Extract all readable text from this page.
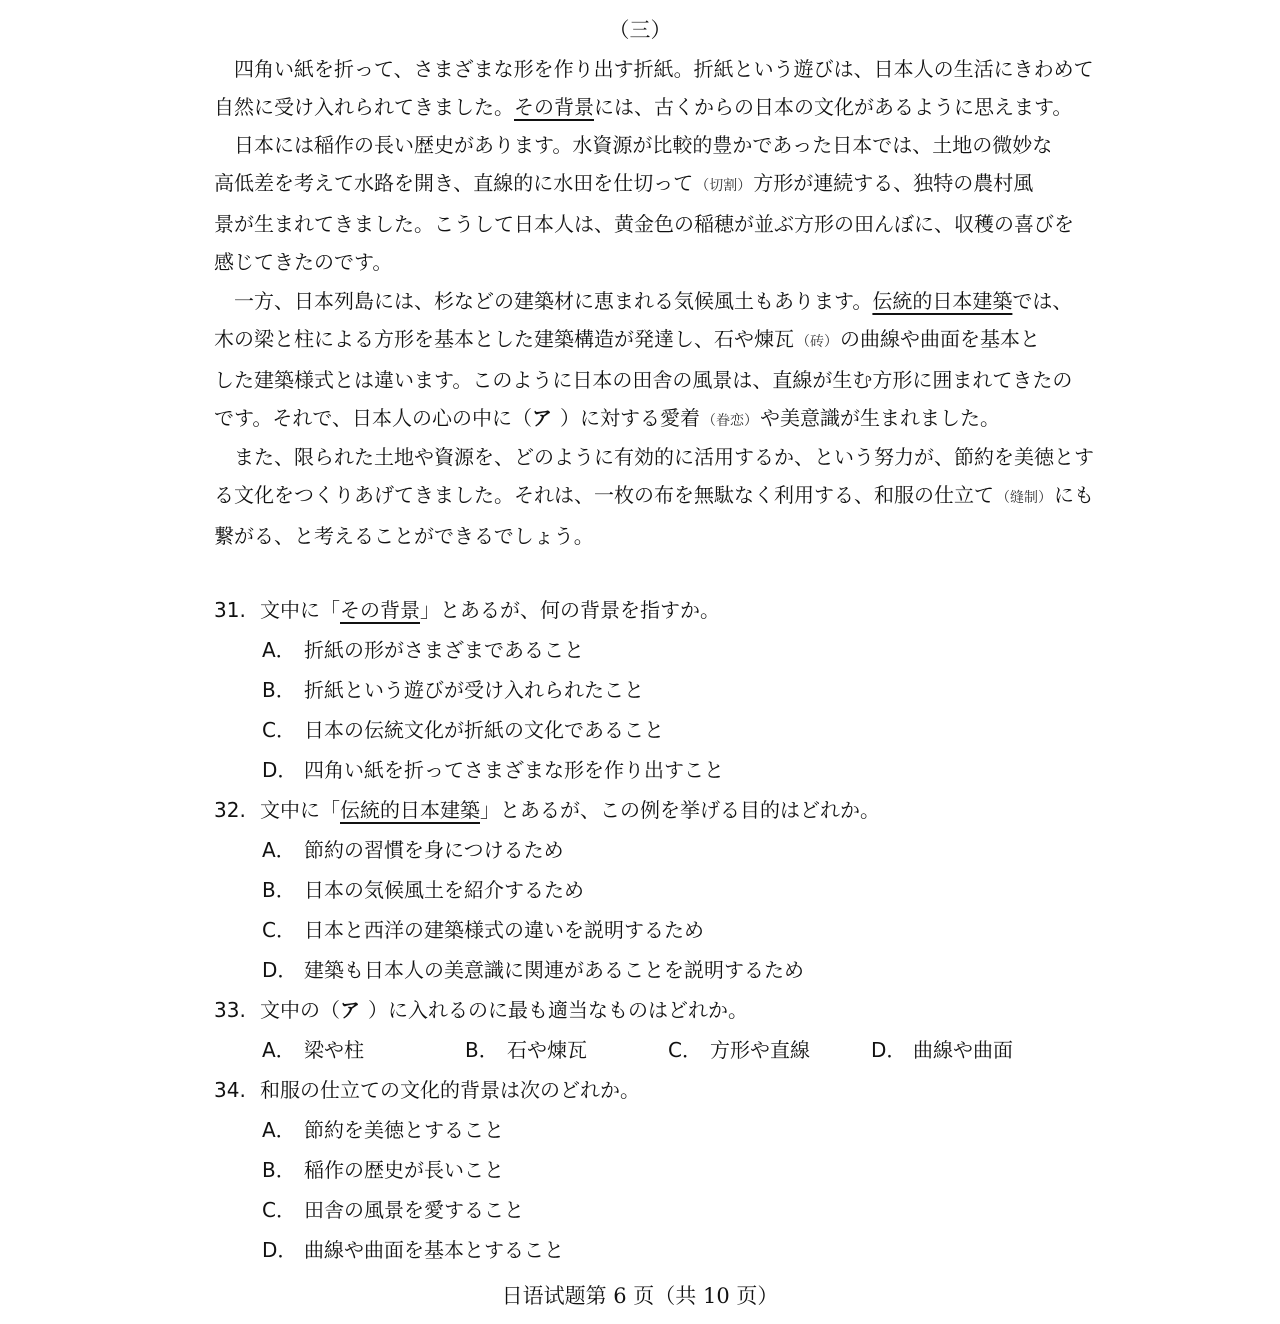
（三）
　四角い紙を折って、さまざまな形を作り出す折紙。折紙という遊びは、日本人の生活にきわめて
自然に受け入れられてきました。その背景には、古くからの日本の文化があるように思えます。
　日本には稲作の長い歴史があります。水資源が比較的豊かであった日本では、土地の微妙な
高低差を考えて水路を開き、直線的に水田を仕切って （切割） 方形が連続する、独特の農村風
景が生まれてきました。こうして日本人は、黄金色の稲穂が並ぶ方形の田んぼに、収穫の喜びを
感じてきたのです。
　一方、日本列島には、杉などの建築材に恵まれる気候風土もあります。伝統的日本建築では、
木の梁と柱による方形を基本とした建築構造が発達し、石や煉瓦 （砖） の曲線や曲面を基本と
した建築様式とは違います。このように日本の田舎の風景は、直線が生む方形に囲まれてきたの
です。それで、日本人の心の中に（ア）に対する愛着 （眷恋） や美意識が生まれました。
　また、限られた土地や資源を、どのように有効的に活用するか、という努力が、節約を美徳とす
る文化をつくりあげてきました。それは、一枚の布を無駄なく利用する、和服の仕立て （缝制） にも
繋がる、と考えることができるでしょう。
31. 文中に「その背景」とあるが、何の背景を指すか。
A． 折紙の形がさまざまであること
B． 折紙という遊びが受け入れられたこと
C． 日本の伝統文化が折紙の文化であること
D． 四角い紙を折ってさまざまな形を作り出すこと
32. 文中に「伝統的日本建築」とあるが、この例を挙げる目的はどれか。
A． 節約の習慣を身につけるため
B． 日本の気候風土を紹介するため
C． 日本と西洋の建築様式の違いを説明するため
D． 建築も日本人の美意識に関連があることを説明するため
33. 文中の（ア）に入れるのに最も適当なものはどれか。
A． 梁や柱	B． 石や煉瓦	C． 方形や直線	D． 曲線や曲面
34. 和服の仕立ての文化的背景は次のどれか。
A． 節約を美徳とすること
B． 稲作の歴史が長いこと
C． 田舎の風景を愛すること
D． 曲線や曲面を基本とすること
日语试题第 6 页（共 10 页）
